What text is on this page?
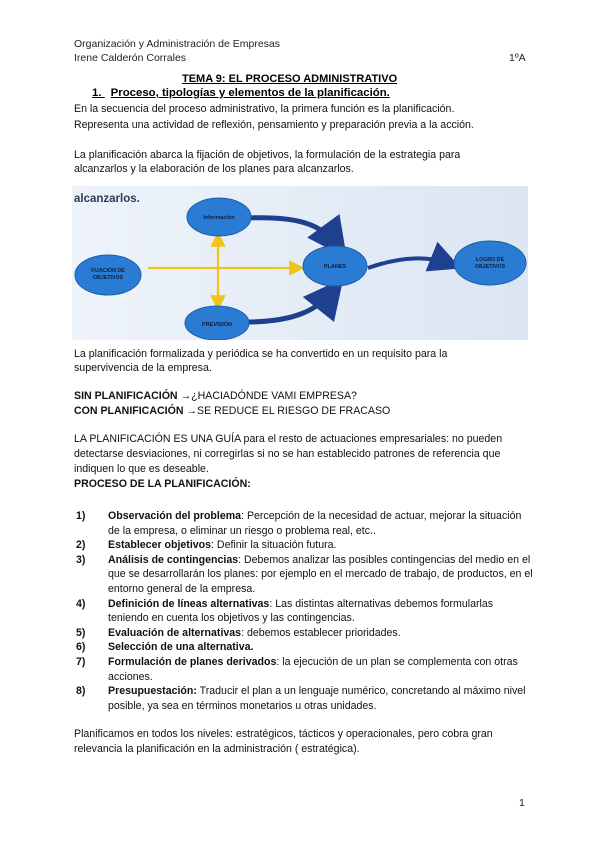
Organización y Administración de Empresas
Irene Calderón Corrales	1ºA
TEMA 9: EL PROCESO ADMINISTRATIVO
1. Proceso, tipologías y elementos de la planificación.
En la secuencia del proceso administrativo, la primera función es la planificación.
Representa una actividad de reflexión, pensamiento y preparación previa a la acción.
La planificación abarca la fijación de objetivos, la formulación de la estrategia para
alcanzarlos y la elaboración de los planes para alcanzarlos.
alcanzarlos.
Información
FIJACIÓN DE
OBJETIVOS
PLANES
LOGRO DE
OBJETIVOS
PREVISIÓN
La planificación formalizada y periódica se ha convertido en un requisito para la
supervivencia de la empresa.
SIN PLANIFICACIÓN →¿HACIADÓNDE VAMI EMPRESA?
CON PLANIFICACIÓN →SE REDUCE EL RIESGO DE FRACASO
LA PLANIFICACIÓN ES UNA GUÍA para el resto de actuaciones empresariales: no pueden
detectarse desviaciones, ni corregirlas si no se han establecido patrones de referencia que
indiquen lo que es deseable.
PROCESO DE LA PLANIFICACIÓN:
1) Observación del problema: Percepción de la necesidad de actuar, mejorar la situación de la empresa, o eliminar un riesgo o problema real, etc..
2) Establecer objetivos: Definir la situación futura.
3) Análisis de contingencias: Debemos analizar las posibles contingencias del medio en el que se desarrollarán los planes: por ejemplo en el mercado de trabajo, de productos, en el entorno general de la empresa.
4) Definición de líneas alternativas: Las distintas alternativas debemos formularlas teniendo en cuenta los objetivos y las contingencias.
5) Evaluación de alternativas: debemos establecer prioridades.
6) Selección de una alternativa.
7) Formulación de planes derivados: la ejecución de un plan se complementa con otras acciones.
8) Presupuestación: Traducir el plan a un lenguaje numérico, concretando al máximo nivel posible, ya sea en términos monetarios u otras unidades.
Planificamos en todos los niveles: estratégicos, tácticos y operacionales, pero cobra gran
relevancia la planificación en la administración ( estratégica).
1
